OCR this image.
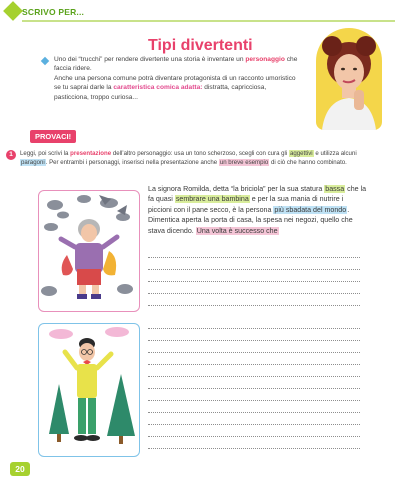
SCRIVO PER...
Tipi divertenti
Uno dei “trucchi” per rendere divertente una storia è inventare un personaggio che faccia ridere.
Anche una persona comune potrà diventare protagonista di un racconto umoristico se tu saprai darle la caratteristica comica adatta: distratta, capricciosa, pasticciona, troppo curiosa...
PROVACI!
1	Leggi, poi scrivi la presentazione dell’altro personaggio: usa un tono scherzoso, scegli con cura gli aggettivi e utilizza alcuni paragoni. Per entrambi i personaggi, inserisci nella presentazione anche un breve esempio di ciò che hanno combinato.
La signora Romilda, detta “la briciola” per la sua statura bassa che la fa quasi sembrare una bambina e per la sua mania di nutrire i piccioni con il pane secco, è la persona più sbadata del mondo. Dimentica aperta la porta di casa, la spesa nei negozi, quello che stava dicendo. Una volta è successo che
20
